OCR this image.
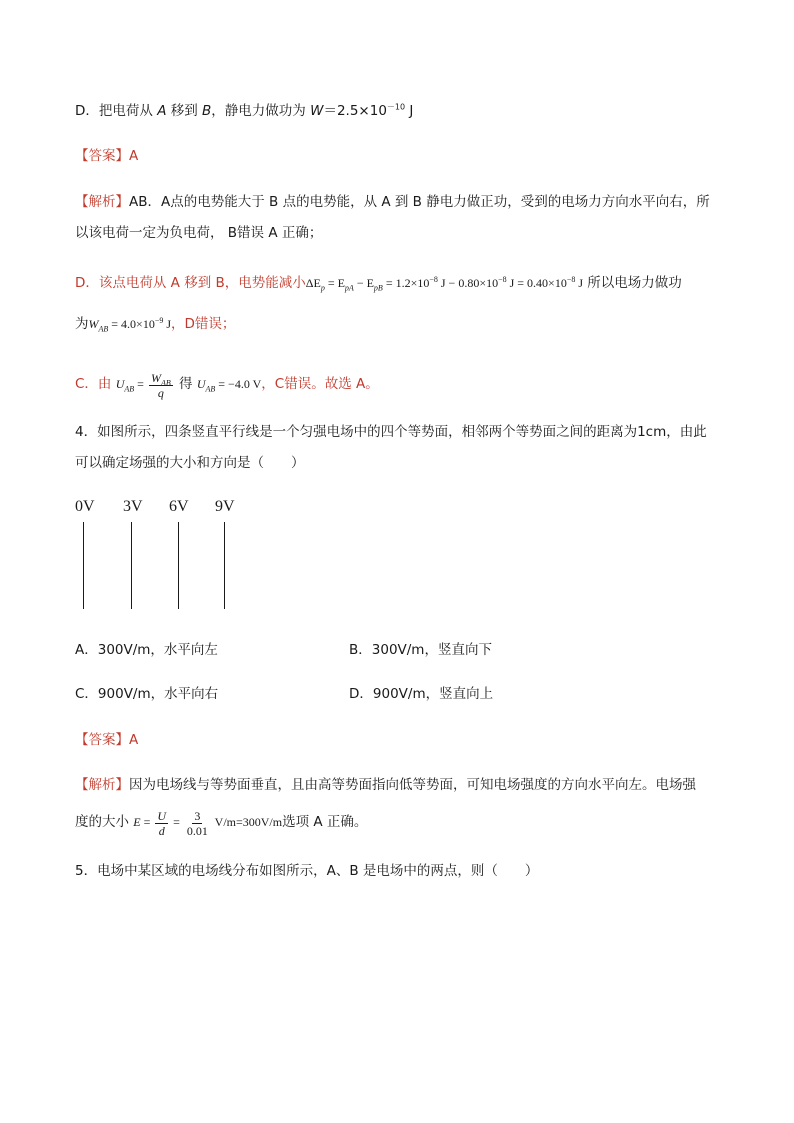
D．把电荷从 A 移到 B，静电力做功为 $W=2.5\times 10^{-10}$ J
【答案】A
【解析】AB．A点的电势能大于 B 点的电势能，从 A 到 B 静电力做正功，受到的电场力方向水平向右，所
以该电荷一定为负电荷， B错误 A 正确；
D．该点电荷从 A 移到 B，电势能减小$\Delta E_p = E_{pA} - E_{pB} = 1.2\times 10^{-8}$ $J - 0.80\times 10^{-8}$ $J = 0.40\times 10^{-8}$ J 所以电场力做功
为$W_{AB} = 4.0\times 10^{-9}$ J，D错误；
C．由 $U_{AB} = \frac{W_{AB}}{q}$ 得 $U_{AB} = -4.0$ V，C错误。故选 A。
4．如图所示，四条竖直平行线是一个匀强电场中的四个等势面，相邻两个等势面之间的距离为1cm，由此
可以确定场强的大小和方向是（　　）
0V 3V 6V 9V
A．300V/m，水平向左	B．300V/m，竖直向下
C．900V/m，水平向右	D．900V/m，竖直向上
【答案】A
【解析】因为电场线与等势面垂直，且由高等势面指向低等势面，可知电场强度的方向水平向左。电场强
度的大小 $E = \frac{U}{d} = \frac{3}{0.01} V/m=300V/m$选项 A 正确。
5．电场中某区域的电场线分布如图所示，A、B 是电场中的两点，则（　　）
